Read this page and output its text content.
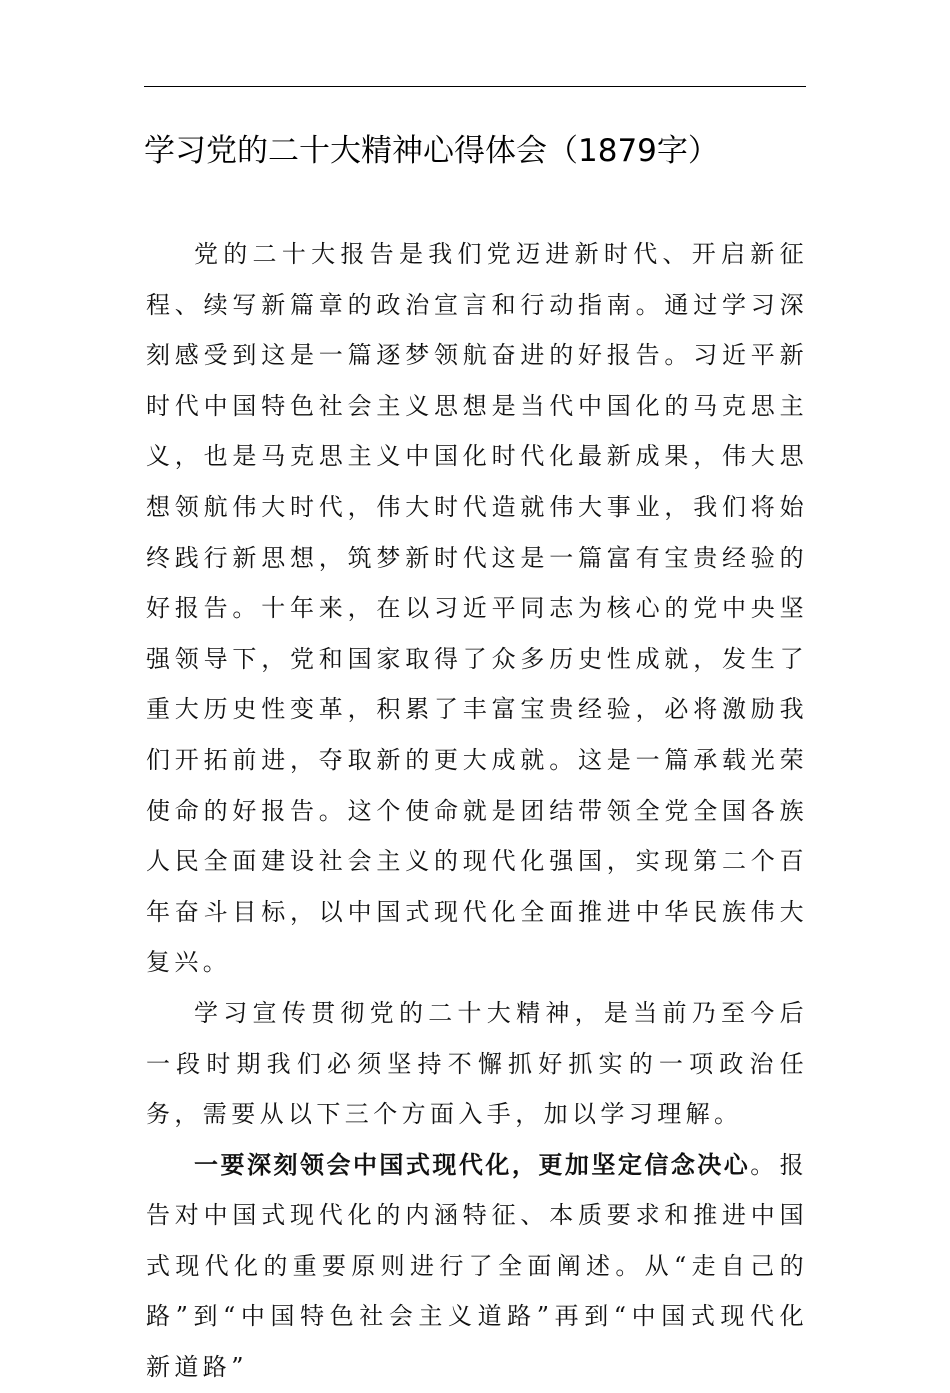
学习党的二十大精神心得体会（1879字）

党的二十大报告是我们党迈进新时代、开启新征程、续写新篇章的政治宣言和行动指南。通过学习深刻感受到这是一篇逐梦领航奋进的好报告。习近平新时代中国特色社会主义思想是当代中国化的马克思主义，也是马克思主义中国化时代化最新成果，伟大思想领航伟大时代，伟大时代造就伟大事业，我们将始终践行新思想，筑梦新时代这是一篇富有宝贵经验的好报告。十年来，在以习近平同志为核心的党中央坚强领导下，党和国家取得了众多历史性成就，发生了重大历史性变革，积累了丰富宝贵经验，必将激励我们开拓前进，夺取新的更大成就。这是一篇承载光荣使命的好报告。这个使命就是团结带领全党全国各族人民全面建设社会主义的现代化强国，实现第二个百年奋斗目标，以中国式现代化全面推进中华民族伟大复兴。

学习宣传贯彻党的二十大精神，是当前乃至今后一段时期我们必须坚持不懈抓好抓实的一项政治任务，需要从以下三个方面入手，加以学习理解。

一要深刻领会中国式现代化，更加坚定信念决心。报告对中国式现代化的内涵特征、本质要求和推进中国式现代化的重要原则进行了全面阐述。从“走自己的路”到“中国特色社会主义道路”再到“中国式现代化新道路”
